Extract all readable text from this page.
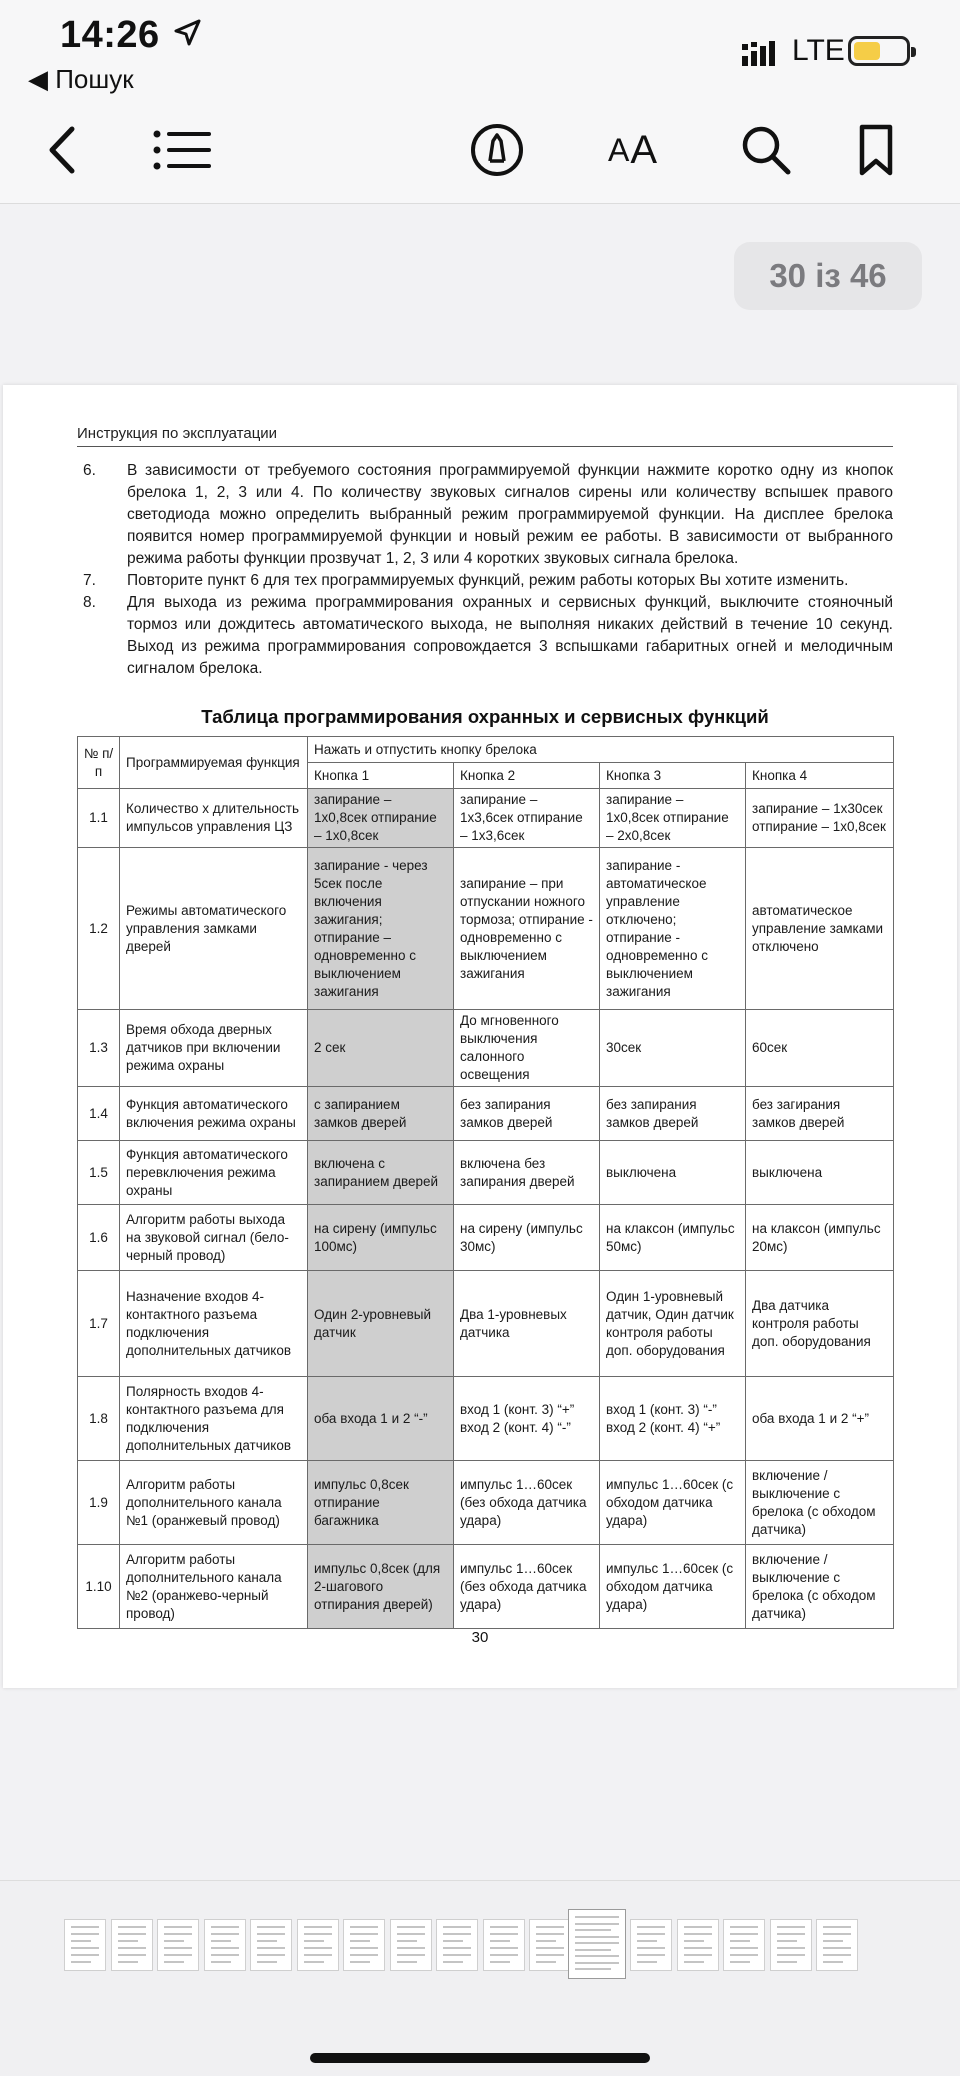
14:26
◀ Пошук
LTE
A A
30 із 46
Инструкция по эксплуатации
6. В зависимости от требуемого состояния программируемой функции нажмите коротко одну из кнопок брелока 1, 2, 3 или 4. По количеству звуковых сигналов сирены или количеству вспышек правого светодиода можно определить выбранный режим программируемой функции. На дисплее брелока появится номер программируемой функции и новый режим ее работы. В зависимости от выбранного режима работы функции прозвучат 1, 2, 3 или 4 коротких звуковых сигнала брелока.
7. Повторите пункт 6 для тех программируемых функций, режим работы которых Вы хотите изменить.
8. Для выхода из режима программирования охранных и сервисных функций, выключите стояночный тормоз или дождитесь автоматического выхода, не выполняя никаких действий в течение 10 секунд. Выход из режима программирования сопровождается 3 вспышками габаритных огней и мелодичным сигналом брелока.
Таблица программирования охранных и сервисных функций
№ п/п	Программируемая функция	Нажать и отпустить кнопку брелока			
		Кнопка 1	Кнопка 2	Кнопка 3	Кнопка 4
1.1	Количество х длительность импульсов управления ЦЗ	запирание – 1х0,8сек отпирание – 1х0,8сек	запирание – 1х3,6сек отпирание – 1х3,6сек	запирание – 1х0,8сек отпирание – 2х0,8сек	запирание – 1х30сек отпирание – 1х0,8сек
1.2	Режимы автоматического управления замками дверей	запирание - через 5сек после включения зажигания; отпирание – одновременно с выключением зажигания	запирание – при отпускании ножного тормоза; отпирание - одновременно с выключением зажигания	запирание - автоматическое управление отключено; отпирание - одновременно с выключением зажигания	автоматическое управление замками отключено
1.3	Время обхода дверных датчиков при включении режима охраны	2 сек	До мгновенного выключения салонного освещения	30сек	60сек
1.4	Функция автоматического включения режима охраны	с запиранием замков дверей	без запирания замков дверей	без запирания замков дверей	без загирания замков дверей
1.5	Функция автоматического перевключения режима охраны	включена с запиранием дверей	включена без запирания дверей	выключена	выключена
1.6	Алгоритм работы выхода на звуковой сигнал (бело-черный провод)	на сирену (импульс 100мс)	на сирену (импульс 30мс)	на клаксон (импульс 50мс)	на клаксон (импульс 20мс)
1.7	Назначение входов 4-контактного разъема подключения дополнительных датчиков	Один 2-уровневый датчик	Два 1-уровневых датчика	Один 1-уровневый датчик, Один датчик контроля работы доп. оборудования	Два датчика контроля работы доп. оборудования
1.8	Полярность входов 4-контактного разъема для подключения дополнительных датчиков	оба входа 1 и 2 “-”	вход 1 (конт. 3) “+” вход 2 (конт. 4) “-”	вход 1 (конт. 3) “-” вход 2 (конт. 4) “+”	оба входа 1 и 2 “+”
1.9	Алгоритм работы дополнительного канала №1 (оранжевый провод)	импульс 0,8сек отпирание багажника	импульс 1…60сек (без обхода датчика удара)	импульс 1…60сек (с обходом датчика удара)	включение / выключение с брелока (с обходом датчика)
1.10	Алгоритм работы дополнительного канала №2 (оранжево-черный провод)	импульс 0,8сек (для 2-шагового отпирания дверей)	импульс 1…60сек (без обхода датчика удара)	импульс 1…60сек (с обходом датчика удара)	включение / выключение с брелока (с обходом датчика)
30
